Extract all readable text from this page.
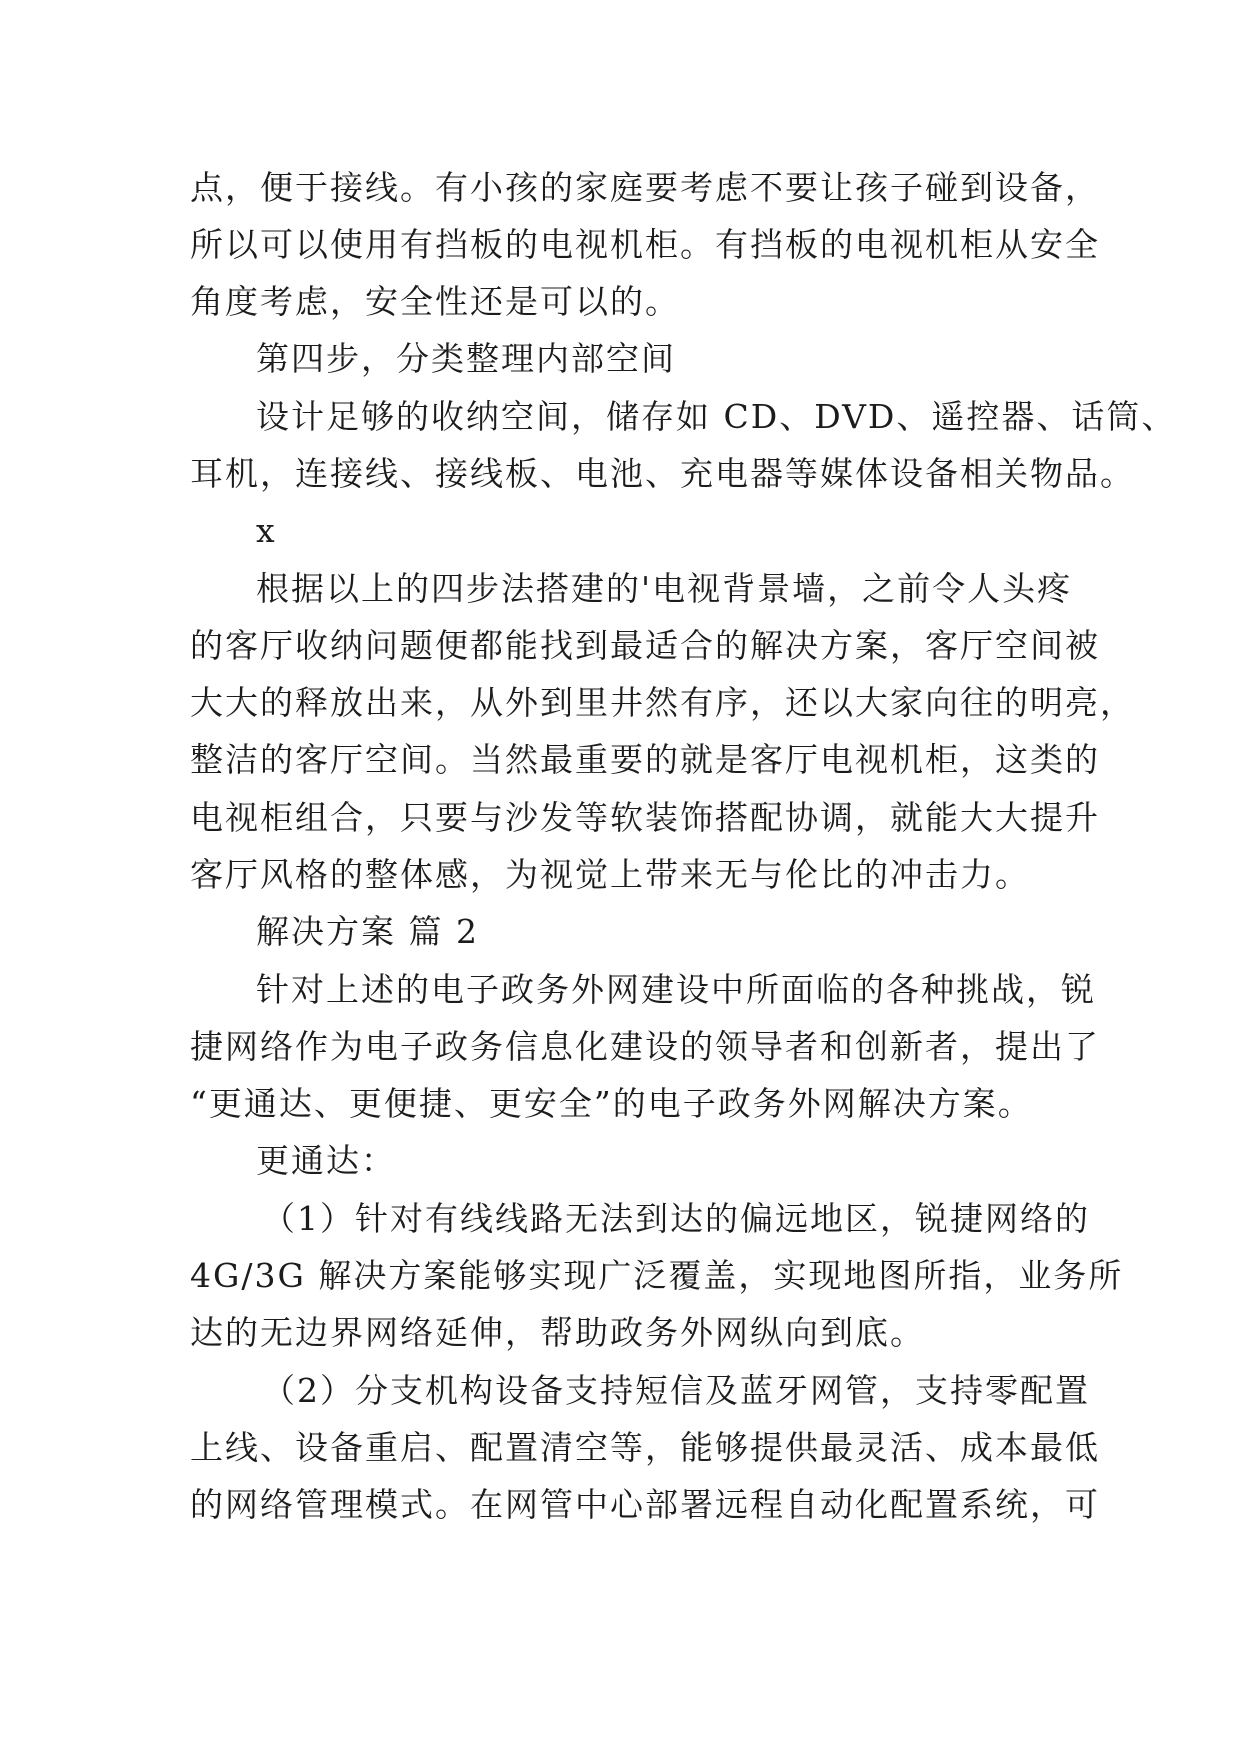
点，便于接线。有小孩的家庭要考虑不要让孩子碰到设备，
所以可以使用有挡板的电视机柜。有挡板的电视机柜从安全
角度考虑，安全性还是可以的。
第四步，分类整理内部空间
设计足够的收纳空间，储存如 CD、DVD、遥控器、话筒、
耳机，连接线、接线板、电池、充电器等媒体设备相关物品。
x
根据以上的四步法搭建的'电视背景墙，之前令人头疼
的客厅收纳问题便都能找到最适合的解决方案，客厅空间被
大大的释放出来，从外到里井然有序，还以大家向往的明亮，
整洁的客厅空间。当然最重要的就是客厅电视机柜，这类的
电视柜组合，只要与沙发等软装饰搭配协调，就能大大提升
客厅风格的整体感，为视觉上带来无与伦比的冲击力。
解决方案 篇 2
针对上述的电子政务外网建设中所面临的各种挑战，锐
捷网络作为电子政务信息化建设的领导者和创新者，提出了
“更通达、更便捷、更安全”的电子政务外网解决方案。
更通达：
（1）针对有线线路无法到达的偏远地区，锐捷网络的
4G/3G 解决方案能够实现广泛覆盖，实现地图所指，业务所
达的无边界网络延伸，帮助政务外网纵向到底。
（2）分支机构设备支持短信及蓝牙网管，支持零配置
上线、设备重启、配置清空等，能够提供最灵活、成本最低
的网络管理模式。在网管中心部署远程自动化配置系统，可
